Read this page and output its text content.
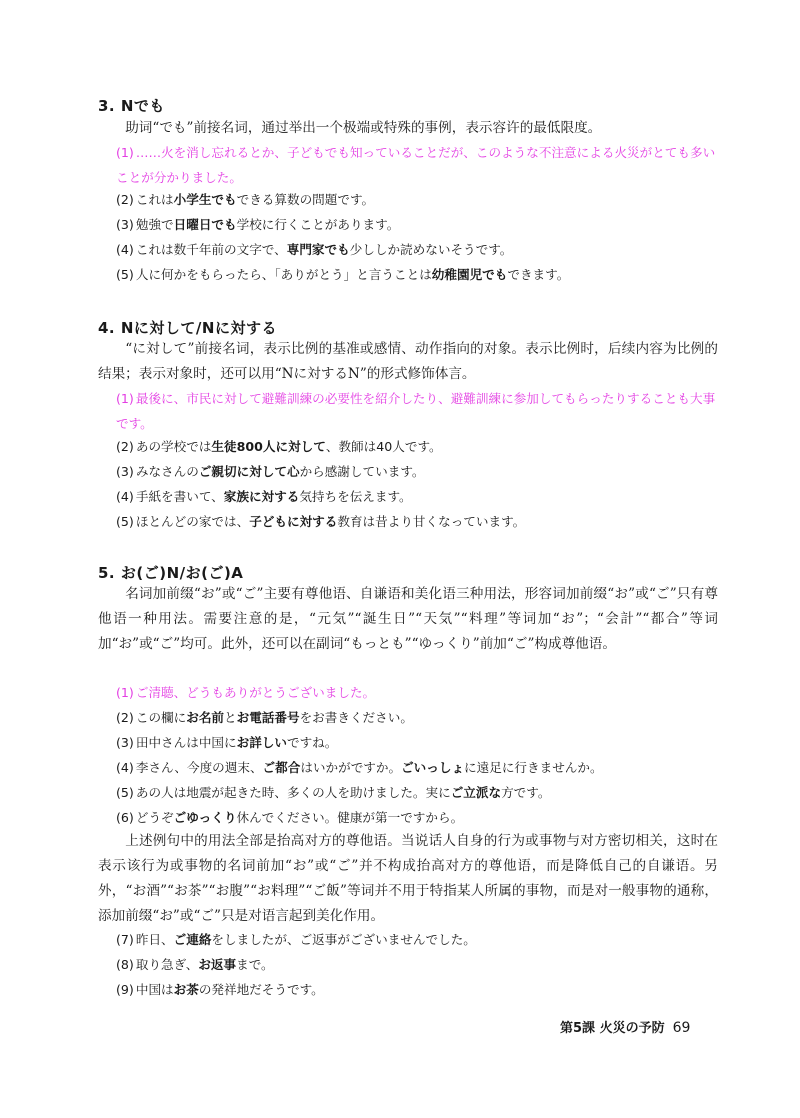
3. Nでも
助词“でも”前接名词，通过举出一个极端或特殊的事例，表示容许的最低限度。
(1) ……火を消し忘れるとか、子どもでも知っていることだが、このような不注意による火災がとても多いことが分かりました。
(2) これは小学生でもできる算数の問題です。
(3) 勉強で日曜日でも学校に行くことがあります。
(4) これは数千年前の文字で、専門家でも少ししか読めないそうです。
(5) 人に何かをもらったら、「ありがとう」と言うことは幼稚園児でもできます。
4. Nに対して/Nに対する
“に対して”前接名词，表示比例的基准或感情、动作指向的对象。表示比例时，后续内容为比例的结果；表示对象时，还可以用“Nに対するN”的形式修饰体言。
(1) 最後に、市民に対して避難訓練の必要性を紹介したり、避難訓練に参加してもらったりすることも大事です。
(2) あの学校では生徒800人に対して、教師は40人です。
(3) みなさんのご親切に対して心から感謝しています。
(4) 手紙を書いて、家族に対する気持ちを伝えます。
(5) ほとんどの家では、子どもに対する教育は昔より甘くなっています。
5. お(ご)N/お(ご)A
名词加前缀“お”或“ご”主要有尊他语、自谦语和美化语三种用法，形容词加前缀“お”或“ご”只有尊他语一种用法。需要注意的是，“元気”“誕生日”“天気”“料理”等词加“お”；“会計”“都合”等词加“お”或“ご”均可。此外，还可以在副词“もっとも”“ゆっくり”前加“ご”构成尊他语。
(1) ご清聴、どうもありがとうございました。
(2) この欄にお名前とお電話番号をお書きください。
(3) 田中さんは中国にお詳しいですね。
(4) 李さん、今度の週末、ご都合はいかがですか。ごいっしょに遠足に行きませんか。
(5) あの人は地震が起きた時、多くの人を助けました。実にご立派な方です。
(6) どうぞごゆっくり休んでください。健康が第一ですから。
上述例句中的用法全部是抬高对方的尊他语。当说话人自身的行为或事物与对方密切相关，这时在表示该行为或事物的名词前加“お”或“ご”并不构成抬高对方的尊他语，而是降低自己的自谦语。另外，“お酒”“お茶”“お腹”“お料理”“ご飯”等词并不用于特指某人所属的事物，而是对一般事物的通称，添加前缀“お”或“ご”只是对语言起到美化作用。
(7) 昨日、ご連絡をしましたが、ご返事がございませんでした。
(8) 取り急ぎ、お返事まで。
(9) 中国はお茶の発祥地だそうです。
第5課 火災の予防 69
